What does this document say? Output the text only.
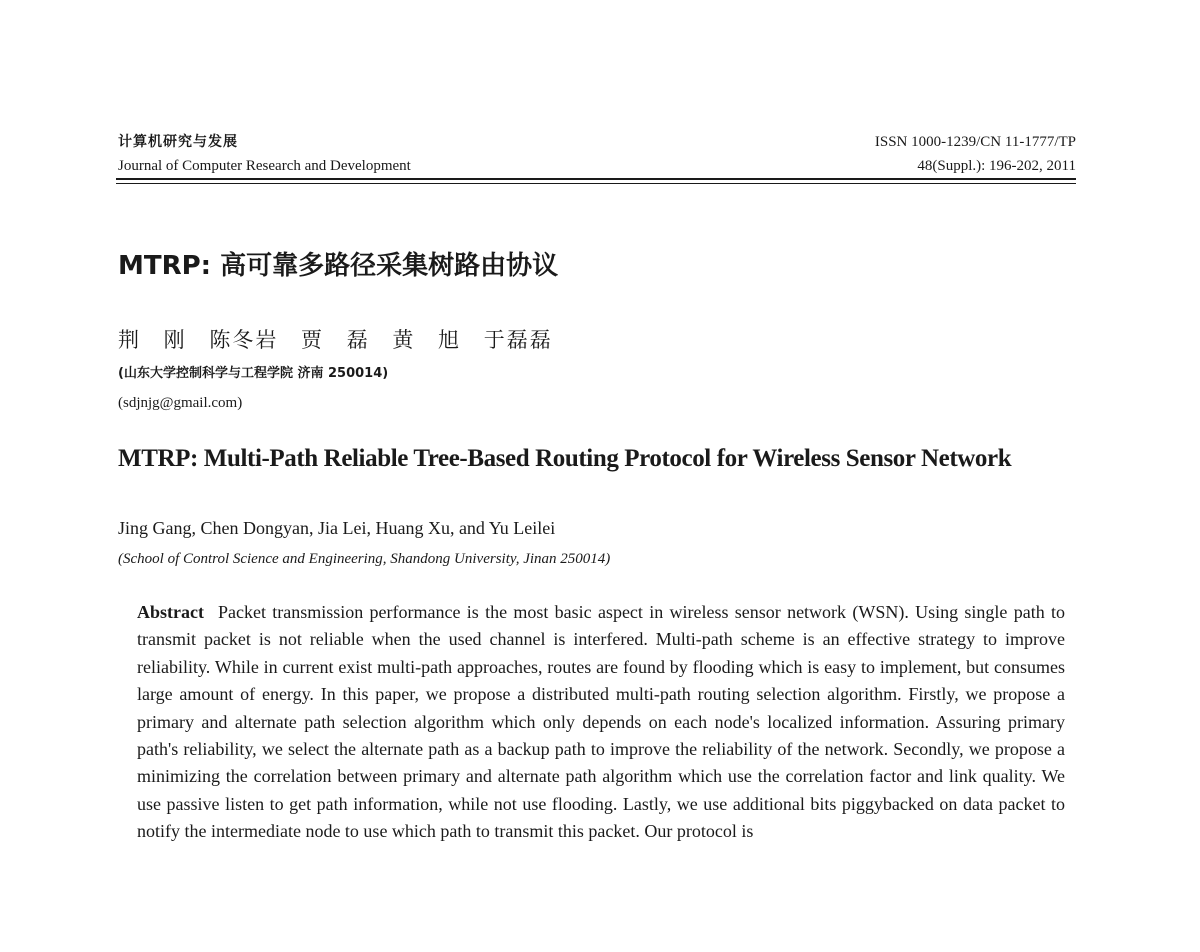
计算机研究与发展
Journal of Computer Research and Development
ISSN 1000-1239/CN 11-1777/TP
48(Suppl.): 196-202, 2011
MTRP: 高可靠多路径采集树路由协议
荆 刚 陈冬岩 贾 磊 黄 旭 于磊磊
(山东大学控制科学与工程学院 济南 250014)
(sdjnjg@gmail.com)
MTRP: Multi-Path Reliable Tree-Based Routing Protocol for Wireless Sensor Network
Jing Gang, Chen Dongyan, Jia Lei, Huang Xu, and Yu Leilei
(School of Control Science and Engineering, Shandong University, Jinan 250014)
Abstract Packet transmission performance is the most basic aspect in wireless sensor network (WSN). Using single path to transmit packet is not reliable when the used channel is interfered. Multi-path scheme is an effective strategy to improve reliability. While in current exist multi-path approaches, routes are found by flooding which is easy to implement, but consumes large amount of energy. In this paper, we propose a distributed multi-path routing selection algorithm. Firstly, we propose a primary and alternate path selection algorithm which only depends on each node's localized information. Assuring primary path's reliability, we select the alternate path as a backup path to improve the reliability of the network. Secondly, we propose a minimizing the correlation between primary and alternate path algorithm which use the correlation factor and link quality. We use passive listen to get path information, while not use flooding. Lastly, we use additional bits piggybacked on data packet to notify the intermediate node to use which path to transmit this packet. Our protocol is
